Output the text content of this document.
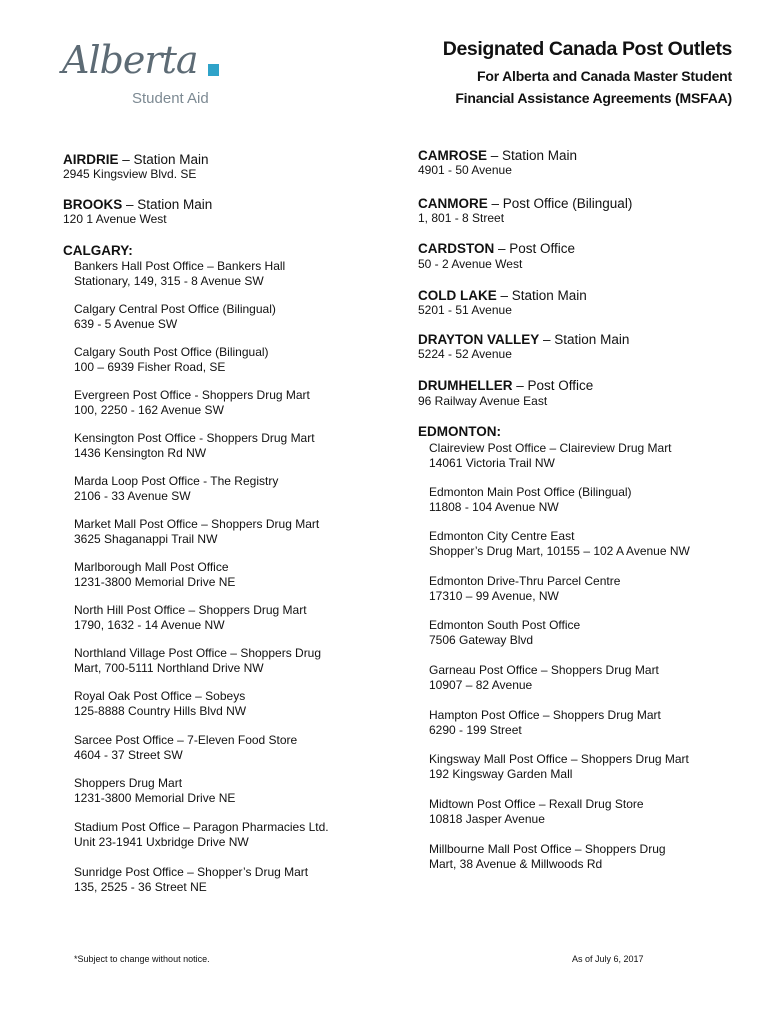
Alberta
Student Aid
Designated Canada Post Outlets
For Alberta and Canada Master Student
Financial Assistance Agreements (MSFAA)
AIRDRIE – Station Main
2945 Kingsview Blvd. SE
BROOKS – Station Main
120 1 Avenue West
CALGARY:
Bankers Hall Post Office – Bankers Hall
Stationary, 149, 315 - 8 Avenue SW
Calgary Central Post Office (Bilingual)
639 - 5 Avenue SW
Calgary South Post Office (Bilingual)
100 – 6939 Fisher Road, SE
Evergreen Post Office - Shoppers Drug Mart
100, 2250 - 162 Avenue SW
Kensington Post Office - Shoppers Drug Mart
1436 Kensington Rd NW
Marda Loop Post Office - The Registry
2106 - 33 Avenue SW
Market Mall Post Office – Shoppers Drug Mart
3625 Shaganappi Trail NW
Marlborough Mall Post Office
1231-3800 Memorial Drive NE
North Hill Post Office – Shoppers Drug Mart
1790, 1632 - 14 Avenue NW
Northland Village Post Office – Shoppers Drug
Mart, 700-5111 Northland Drive NW
Royal Oak Post Office – Sobeys
125-8888 Country Hills Blvd NW
Sarcee Post Office – 7-Eleven Food Store
4604 - 37 Street SW
Shoppers Drug Mart
1231-3800 Memorial Drive NE
Stadium Post Office – Paragon Pharmacies Ltd.
Unit 23-1941 Uxbridge Drive NW
Sunridge Post Office – Shopper’s Drug Mart
135, 2525 - 36 Street NE
CAMROSE – Station Main
4901 - 50 Avenue
CANMORE – Post Office (Bilingual)
1, 801 - 8 Street
CARDSTON – Post Office
50 - 2 Avenue West
COLD LAKE – Station Main
5201 - 51 Avenue
DRAYTON VALLEY – Station Main
5224 - 52 Avenue
DRUMHELLER – Post Office
96 Railway Avenue East
EDMONTON:
Claireview Post Office – Claireview Drug Mart
14061 Victoria Trail NW
Edmonton Main Post Office (Bilingual)
11808 - 104 Avenue NW
Edmonton City Centre East
Shopper’s Drug Mart, 10155 – 102 A Avenue NW
Edmonton Drive-Thru Parcel Centre
17310 – 99 Avenue, NW
Edmonton South Post Office
7506 Gateway Blvd
Garneau Post Office – Shoppers Drug Mart
10907 – 82 Avenue
Hampton Post Office – Shoppers Drug Mart
6290 - 199 Street
Kingsway Mall Post Office – Shoppers Drug Mart
192 Kingsway Garden Mall
Midtown Post Office – Rexall Drug Store
10818 Jasper Avenue
Millbourne Mall Post Office – Shoppers Drug
Mart, 38 Avenue & Millwoods Rd
*Subject to change without notice.	As of July 6, 2017
